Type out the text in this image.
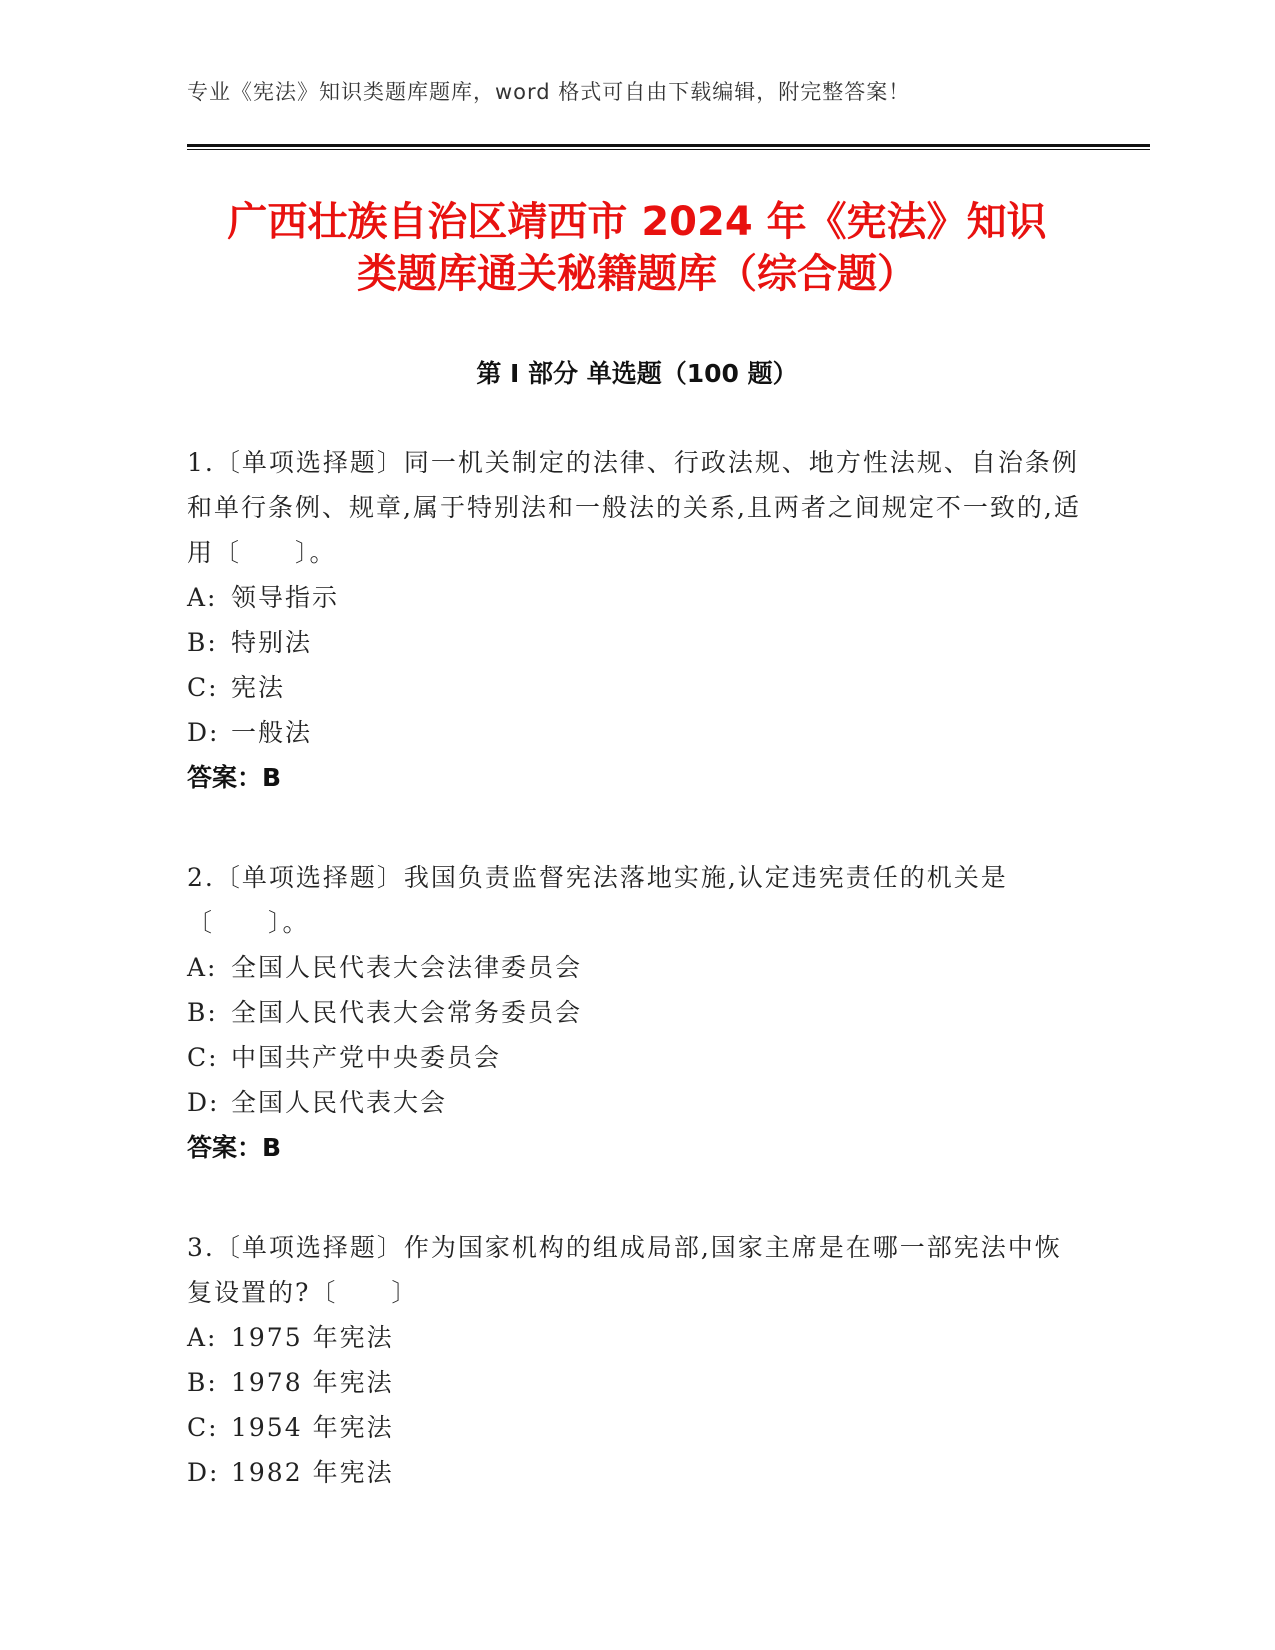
专业《宪法》知识类题库题库，word 格式可自由下载编辑，附完整答案！
广西壮族自治区靖西市 2024 年《宪法》知识
类题库通关秘籍题库（综合题）
第 I 部分 单选题（100 题）
1.〔单项选择题〕同一机关制定的法律、行政法规、地方性法规、自治条例和单行条例、规章,属于特别法和一般法的关系,且两者之间规定不一致的,适用〔　　〕。
A: 领导指示
B: 特别法
C: 宪法
D: 一般法
答案：B
2.〔单项选择题〕我国负责监督宪法落地实施,认定违宪责任的机关是〔　　〕。
A: 全国人民代表大会法律委员会
B: 全国人民代表大会常务委员会
C: 中国共产党中央委员会
D: 全国人民代表大会
答案：B
3.〔单项选择题〕作为国家机构的组成局部,国家主席是在哪一部宪法中恢复设置的?〔　　〕
A: 1975 年宪法
B: 1978 年宪法
C: 1954 年宪法
D: 1982 年宪法
